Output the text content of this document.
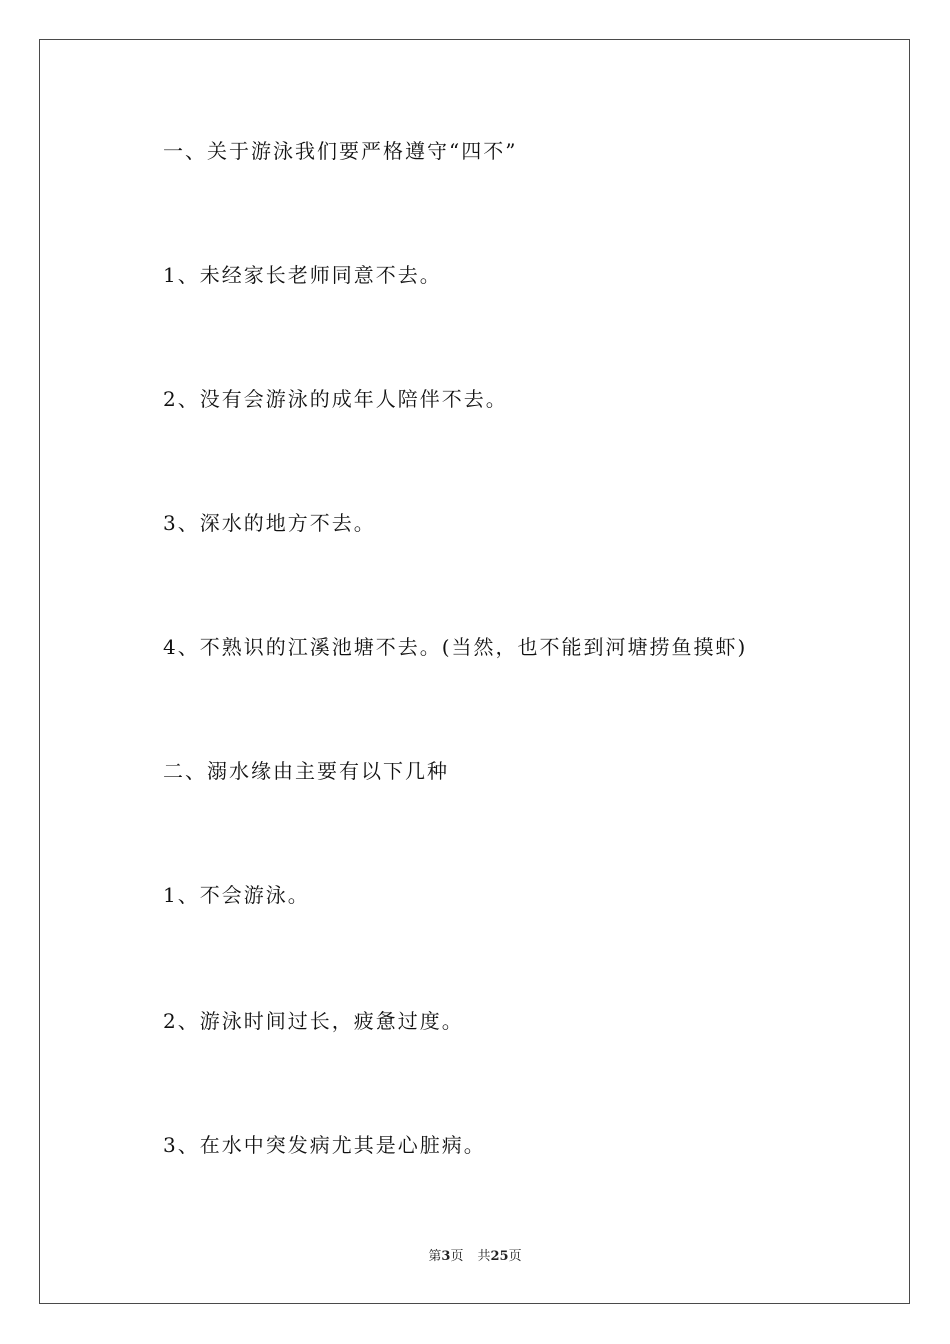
一、关于游泳我们要严格遵守“四不”
1、未经家长老师同意不去。
2、没有会游泳的成年人陪伴不去。
3、深水的地方不去。
4、不熟识的江溪池塘不去。(当然，也不能到河塘捞鱼摸虾)
二、溺水缘由主要有以下几种
1、不会游泳。
2、游泳时间过长，疲惫过度。
3、在水中突发病尤其是心脏病。
第3页 共25页
